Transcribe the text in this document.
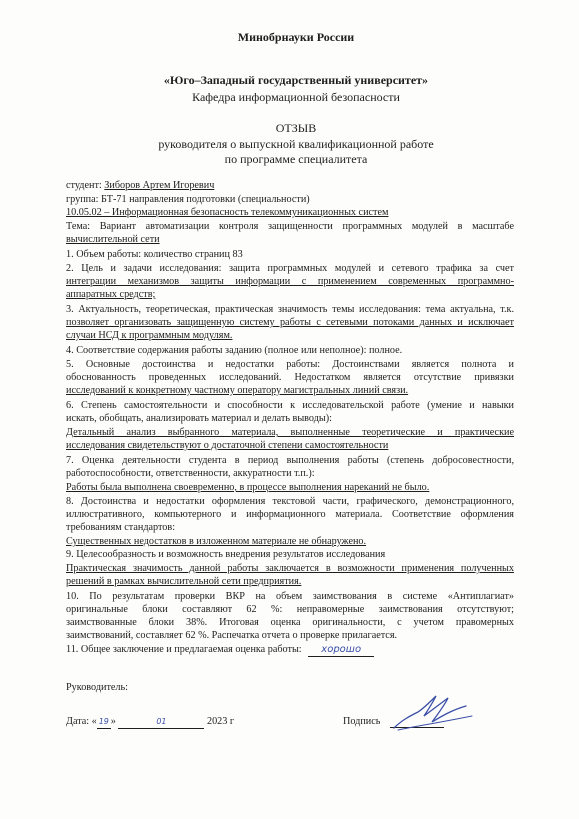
Минобрнауки России
«Юго–Западный государственный университет»
Кафедра информационной безопасности
ОТЗЫВ
руководителя о выпускной квалификационной работе
по программе специалитета
студент: Зиборов Артем Игоревич
группа: БТ-71 направления подготовки (специальности)
10.05.02 – Информационная безопасность телекоммуникационных систем
Тема: Вариант автоматизации контроля защищенности программных модулей в масштабе
вычислительной сети
1. Объем работы: количество страниц 83
2. Цель и задачи исследования: защита программных модулей и сетевого трафика за счет
интеграции механизмов защиты информации с применением современных программно-
аппаратных средств;
3. Актуальность, теоретическая, практическая значимость темы исследования: тема актуальна, т.к.
позволяет организовать защищенную систему работы с сетевыми потоками данных и исключает
случаи НСД к программным модулям.
4. Соответствие содержания работы заданию (полное или неполное): полное.
5. Основные достоинства и недостатки работы: Достоинствами является полнота и
обоснованность проведенных исследований. Недостатком является отсутствие привязки
исследований к конкретному частному оператору магистральных линий связи.
6. Степень самостоятельности и способности к исследовательской работе (умение и навыки
искать, обобщать, анализировать материал и делать выводы):
Детальный анализ выбранного материала, выполненные теоретические и практические
исследования свидетельствуют о достаточной степени самостоятельности
7. Оценка деятельности студента в период выполнения работы (степень добросовестности,
работоспособности, ответственности, аккуратности т.п.):
Работы была выполнена своевременно, в процессе выполнения нареканий не было.
8. Достоинства и недостатки оформления текстовой части, графического, демонстрационного,
иллюстративного, компьютерного и информационного материала. Соответствие оформления
требованиям стандартов:
Существенных недостатков в изложенном материале не обнаружено.
9. Целесообразность и возможность внедрения результатов исследования
Практическая значимость данной работы заключается в возможности применения полученных
решений в рамках вычислительной сети предприятия.
10. По результатам проверки ВКР на объем заимствования в системе «Антиплагиат»
оригинальные блоки составляют 62 %: неправомерные заимствования отсутствуют;
заимствованные блоки 38%. Итоговая оценка оригинальности, с учетом правомерных
заимствований, составляет 62 %. Распечатка отчета о проверке прилагается.
11. Общее заключение и предлагаемая оценка работы: хорошо
Руководитель:
Дата: « 19 »	01	2023 г	Подпись
